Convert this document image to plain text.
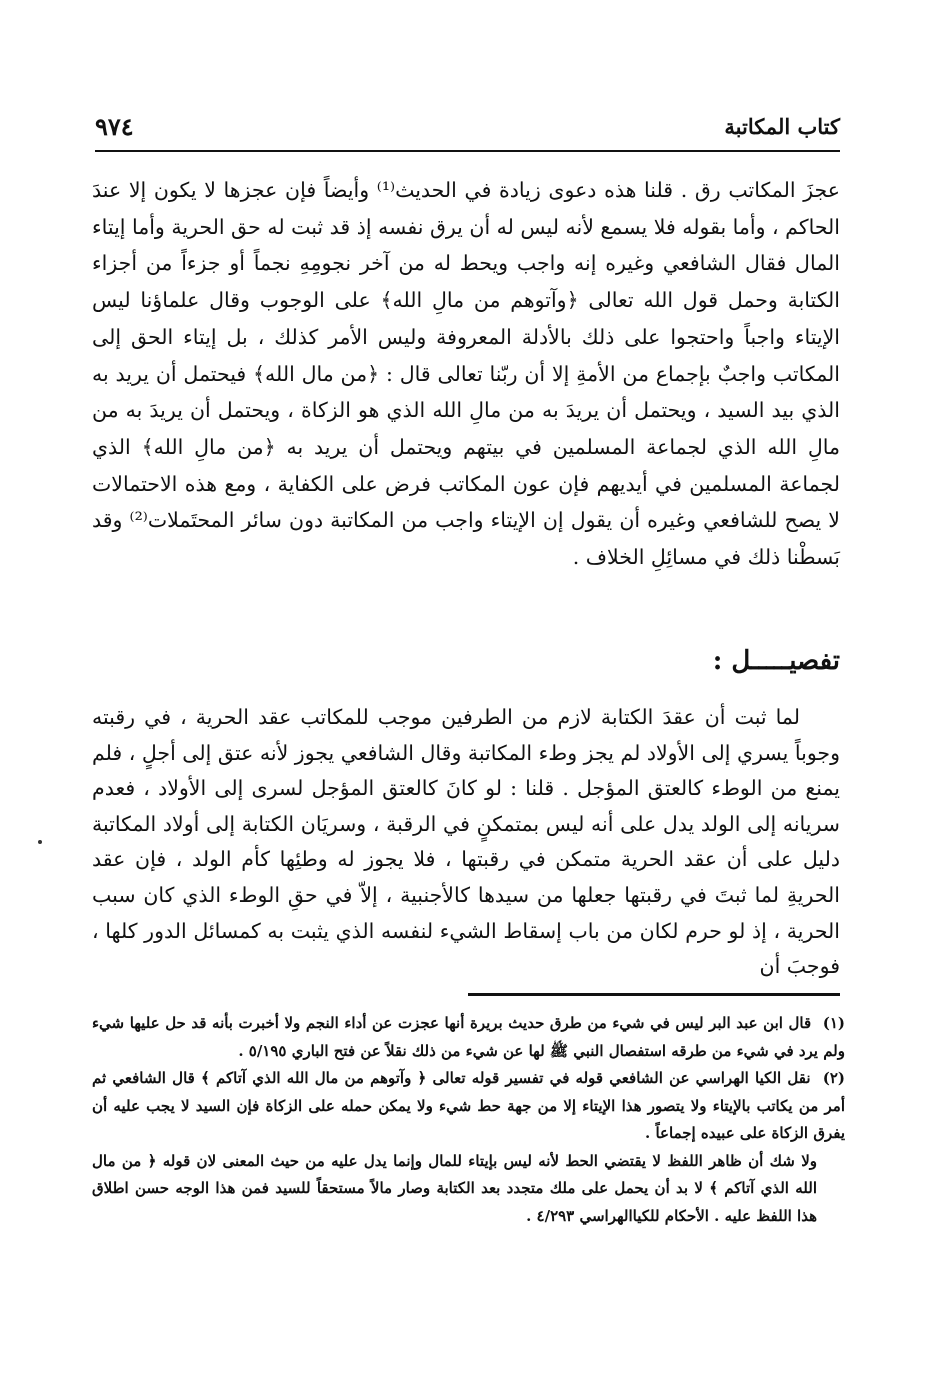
كتاب المكاتبة
٩٧٤

عجزَ المكاتب رق . قلنا هذه دعوى زيادة في الحديث⁽¹⁾ وأيضاً فإن عجزها لا يكون إلا عندَ الحاكم ، وأما بقوله فلا يسمع لأنه ليس له أن يرق نفسه إذ قد ثبت له حق الحرية وأما إيتاء المال فقال الشافعي وغيره إنه واجب ويحط له من آخر نجومِهِ نجماً أو جزءاً من أجزاء الكتابة وحمل قول الله تعالى ﴿وآتوهم من مالِ الله﴾ على الوجوب وقال علماؤنا ليس الإيتاء واجباً واحتجوا على ذلك بالأدلة المعروفة وليس الأمر كذلك ، بل إيتاء الحق إلى المكاتب واجبٌ بإجماع من الأمةِ إلا أن ربّنا تعالى قال : ﴿من مال الله﴾ فيحتمل أن يريد به الذي بيد السيد ، ويحتمل أن يريدَ به من مالِ الله الذي هو الزكاة ، ويحتمل أن يريدَ به من مالِ الله الذي لجماعة المسلمين في بيتهم ويحتمل أن يريد به ﴿من مالِ الله﴾ الذي لجماعة المسلمين في أيديهم فإن عون المكاتب فرض على الكفاية ، ومع هذه الاحتمالات لا يصح للشافعي وغيره أن يقول إن الإيتاء واجب من المكاتبة دون سائر المحتَملات⁽²⁾ وقد بَسطْنا ذلك في مسائِلِ الخلاف .

تفصيـــــل :

لما ثبت أن عقدَ الكتابة لازم من الطرفين موجب للمكاتب عقد الحرية ، في رقبته وجوباً يسري إلى الأولاد لم يجز وطء المكاتبة وقال الشافعي يجوز لأنه عتق إلى أجلٍ ، فلم يمنع من الوطء كالعتق المؤجل . قلنا : لو كانَ كالعتق المؤجل لسرى إلى الأولاد ، فعدم سريانه إلى الولد يدل على أنه ليس بمتمكنٍ في الرقبة ، وسريَان الكتابة إلى أولاد المكاتبة دليل على أن عقد الحرية متمكن في رقبتها ، فلا يجوز له وطئِها كأم الولد ، فإن عقد الحريةِ لما ثبتَ في رقبتها جعلها من سيدها كالأجنبية ، إلاّ في حقِ الوطء الذي كان سبب الحرية ، إذ لو حرم لكان من باب إسقاط الشيء لنفسه الذي يثبت به كمسائل الدور كلها ، فوجبَ أن

(١) قال ابن عبد البر ليس في شيء من طرق حديث بريرة أنها عجزت عن أداء النجم ولا أخبرت بأنه قد حل عليها شيء ولم يرد في شيء من طرقه استفصال النبي ﷺ لها عن شيء من ذلك نقلاً عن فتح الباري ٥/١٩٥ .

(٢) نقل الكيا الهراسي عن الشافعي قوله في تفسير قوله تعالى ﴿ وآتوهم من مال الله الذي آتاكم ﴾ قال الشافعي ثم أمر من يكاتب بالإيتاء ولا يتصور هذا الإيتاء إلا من جهة حط شيء ولا يمكن حمله على الزكاة فإن السيد لا يجب عليه أن يفرق الزكاة على عبيده إجماعاً .

ولا شك أن ظاهر اللفظ لا يقتضي الحط لأنه ليس بإيتاء للمال وإنما يدل عليه من حيث المعنى لان قوله ﴿ من مال الله الذي آتاكم ﴾ لا بد أن يحمل على ملك متجدد بعد الكتابة وصار مالاً مستحقاً للسيد فمن هذا الوجه حسن اطلاق هذا اللفظ عليه . الأحكام للكياالهراسي ٤/٢٩٣ .
